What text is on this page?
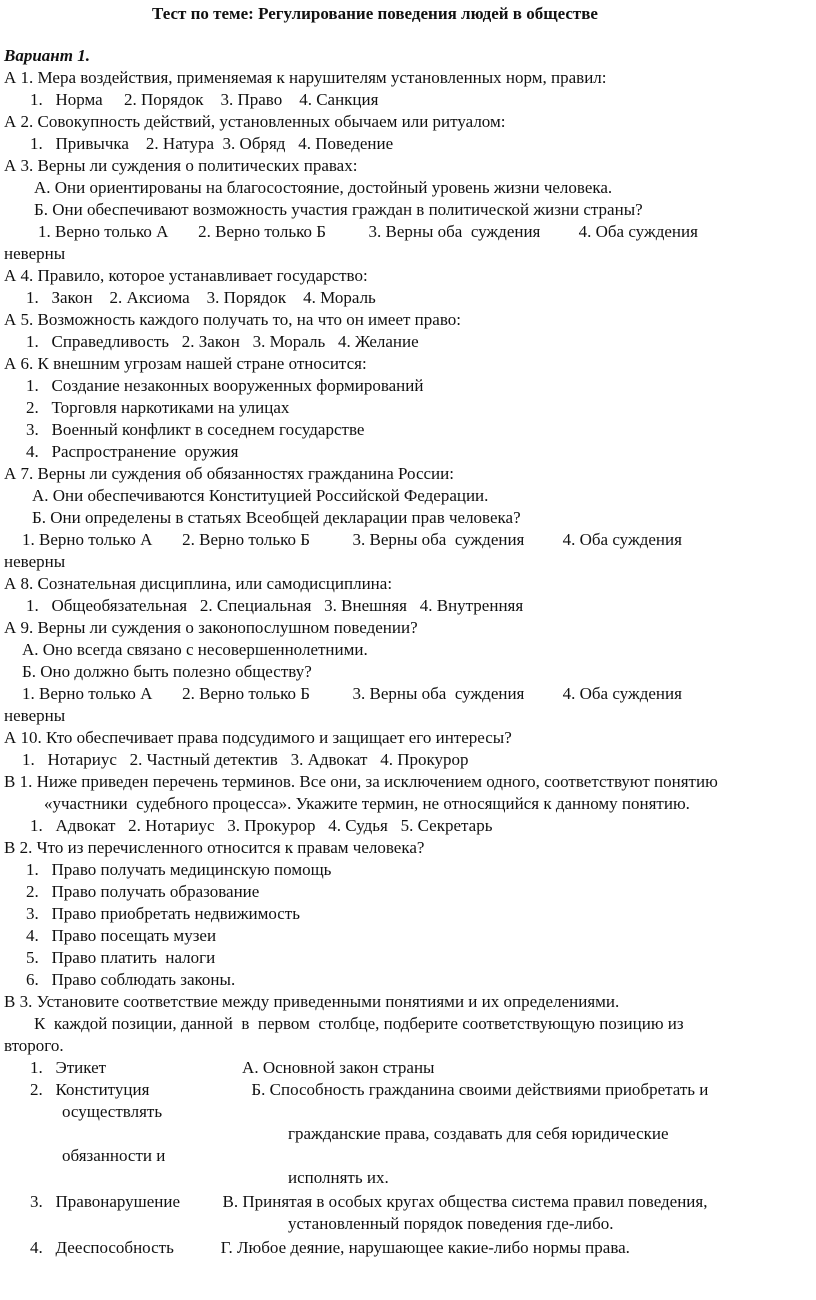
Тест по теме: Регулирование поведения людей в обществе
Вариант 1.
А 1. Мера воздействия, применяемая к нарушителям установленных норм, правил:
1.   Норма     2. Порядок    3. Право    4. Санкция
А 2. Совокупность действий, установленных обычаем или ритуалом:
1.   Привычка    2. Натура  3. Обряд   4. Поведение
А 3. Верны ли суждения о политических правах:
А. Они ориентированы на благосостояние, достойный уровень жизни человека.
Б. Они обеспечивают возможность участия граждан в политической жизни страны?
1. Верно только А       2. Верно только Б          3. Верны оба  суждения         4. Оба суждения
неверны
А 4. Правило, которое устанавливает государство:
1.   Закон    2. Аксиома    3. Порядок    4. Мораль
А 5. Возможность каждого получать то, на что он имеет право:
1.   Справедливость   2. Закон   3. Мораль   4. Желание
А 6. К внешним угрозам нашей стране относится:
1.   Создание незаконных вооруженных формирований
2.   Торговля наркотиками на улицах
3.   Военный конфликт в соседнем государстве
4.   Распространение  оружия
А 7. Верны ли суждения об обязанностях гражданина России:
А. Они обеспечиваются Конституцией Российской Федерации.
Б. Они определены в статьях Всеобщей декларации прав человека?
1. Верно только А       2. Верно только Б          3. Верны оба  суждения         4. Оба суждения
неверны
А 8. Сознательная дисциплина, или самодисциплина:
1.   Общеобязательная   2. Специальная   3. Внешняя   4. Внутренняя
А 9. Верны ли суждения о законопослушном поведении?
А. Оно всегда связано с несовершеннолетними.
Б. Оно должно быть полезно обществу?
1. Верно только А       2. Верно только Б          3. Верны оба  суждения         4. Оба суждения
неверны
А 10. Кто обеспечивает права подсудимого и защищает его интересы?
1.   Нотариус   2. Частный детектив   3. Адвокат   4. Прокурор
В 1. Ниже приведен перечень терминов. Все они, за исключением одного, соответствуют понятию
«участники  судебного процесса». Укажите термин, не относящийся к данному понятию.
1.   Адвокат   2. Нотариус   3. Прокурор   4. Судья   5. Секретарь
В 2. Что из перечисленного относится к правам человека?
1.   Право получать медицинскую помощь
2.   Право получать образование
3.   Право приобретать недвижимость
4.   Право посещать музеи
5.   Право платить  налоги
6.   Право соблюдать законы.
В 3. Установите соответствие между приведенными понятиями и их определениями.
К  каждой позиции, данной  в  первом  столбце, подберите соответствующую позицию из
второго.
1.   Этикет                                А. Основной закон страны
2.   Конституция                        Б. Способность гражданина своими действиями приобретать и
осуществлять
гражданские права, создавать для себя юридические
обязанности и
исполнять их.
3.   Правонарушение          В. Принятая в особых кругах общества система правил поведения,
установленный порядок поведения где-либо.
4.   Дееспособность           Г. Любое деяние, нарушающее какие-либо нормы права.
